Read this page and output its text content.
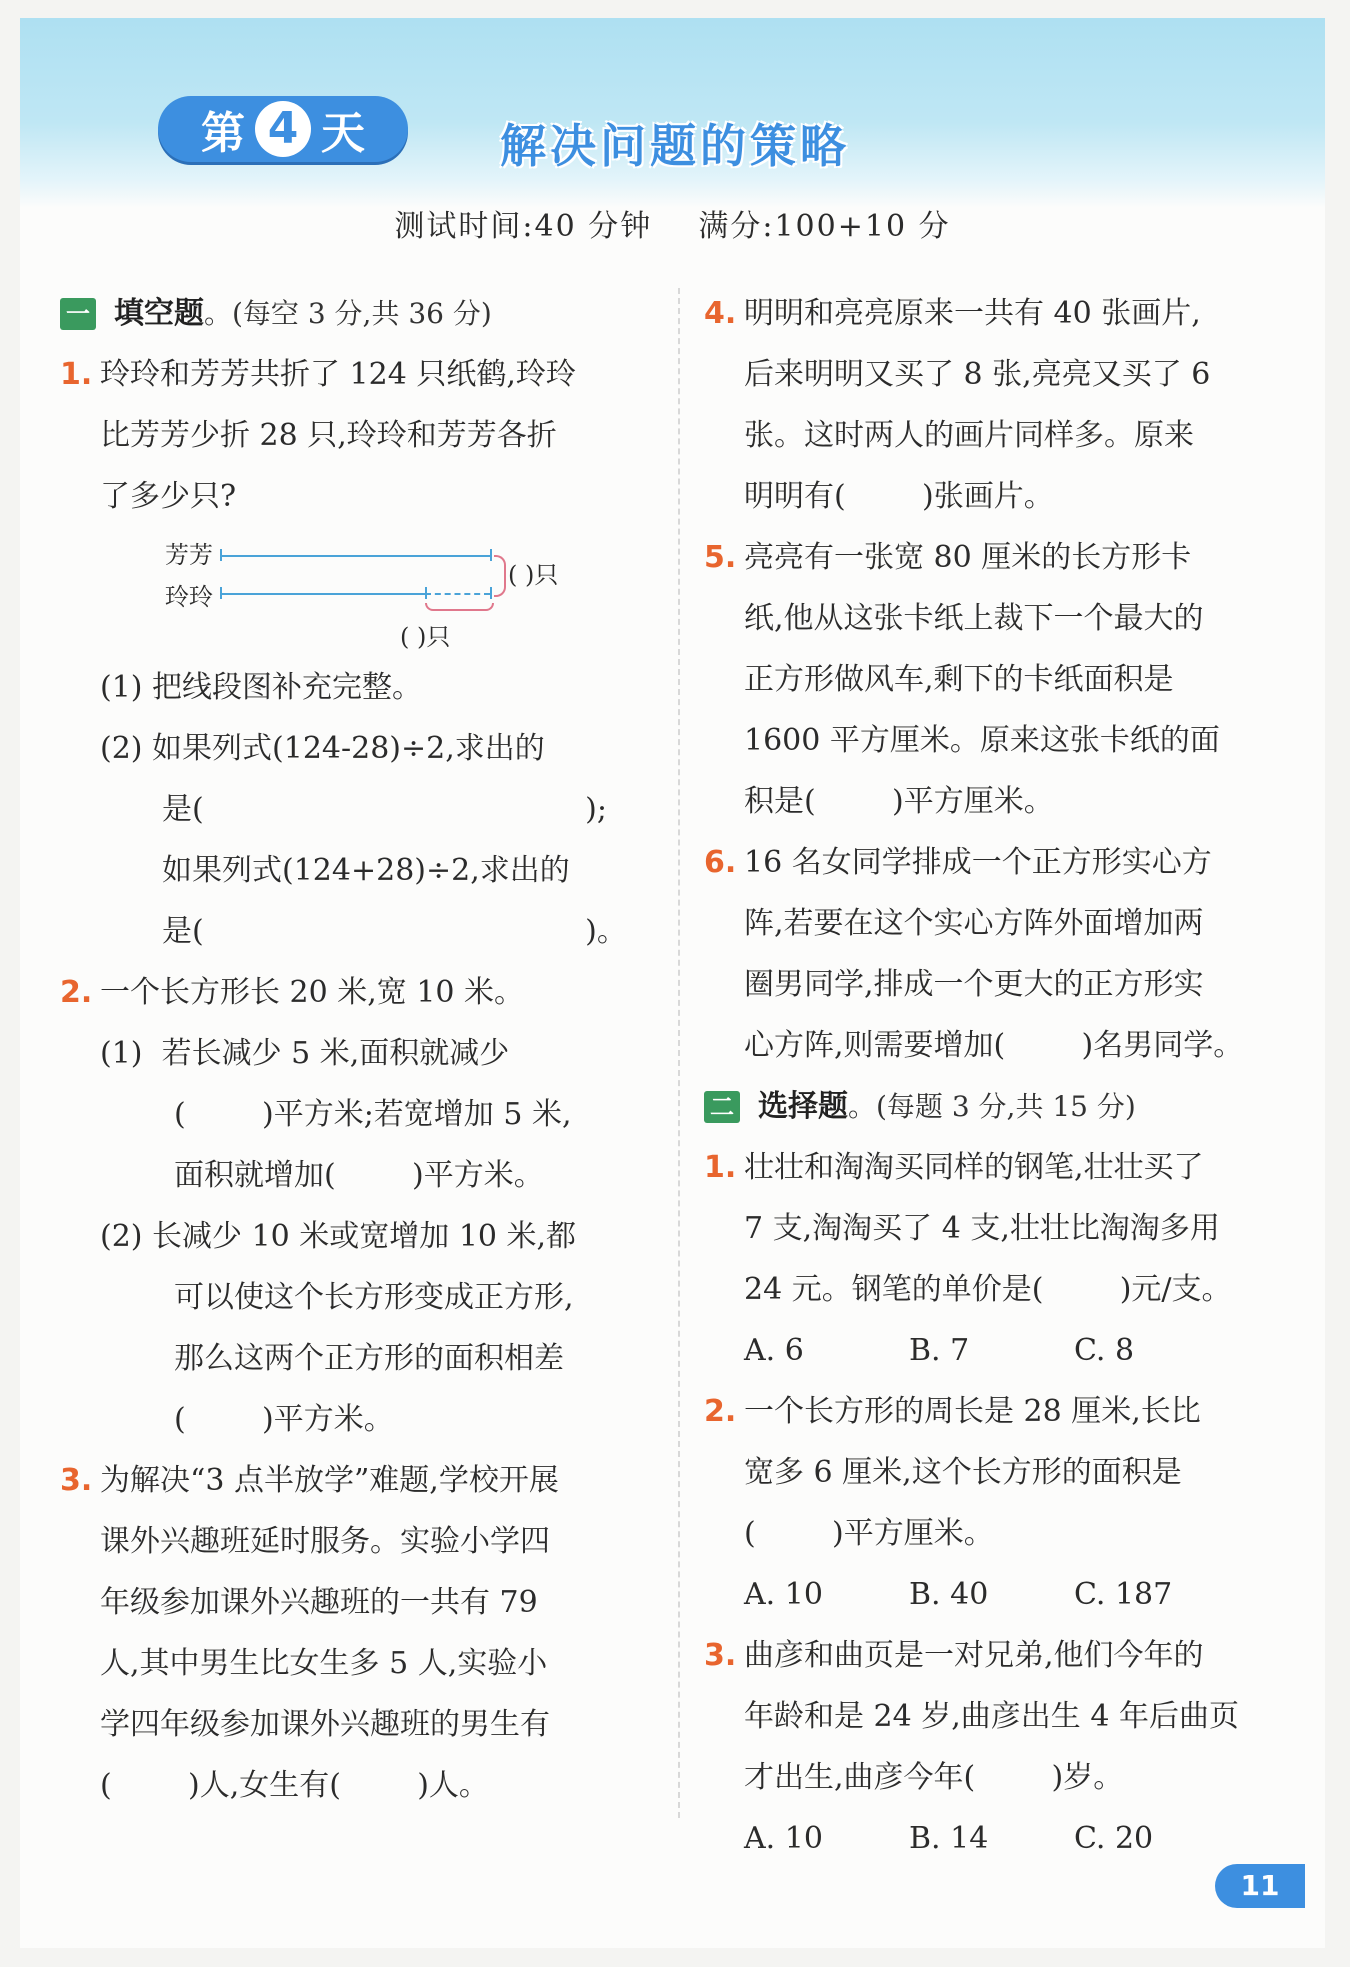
第 4 天	解决问题的策略
测试时间:40 分钟    满分:100+10 分
一 填空题 。(每空 3 分,共 36 分)
1. 玲玲和芳芳共折了 124 只纸鹤,玲玲
比芳芳少折 28 只,玲玲和芳芳各折
了多少只?
芳芳
玲玲
( )只
( )只
(1) 把线段图补充完整。
(2) 如果列式(124-28)÷2,求出的
是(                                        );
如果列式(124+28)÷2,求出的
是(                                        )。
2. 一个长方形长 20 米,宽 10 米。
(1)  若长减少 5 米,面积就减少
(        )平方米;若宽增加 5 米,
面积就增加(        )平方米。
(2) 长减少 10 米或宽增加 10 米,都
可以使这个长方形变成正方形,
那么这两个正方形的面积相差
(        )平方米。
3. 为解决“3 点半放学”难题,学校开展
课外兴趣班延时服务。实验小学四
年级参加课外兴趣班的一共有 79
人,其中男生比女生多 5 人,实验小
学四年级参加课外兴趣班的男生有
(        )人,女生有(        )人。
4. 明明和亮亮原来一共有 40 张画片,
后来明明又买了 8 张,亮亮又买了 6
张。这时两人的画片同样多。原来
明明有(        )张画片。
5. 亮亮有一张宽 80 厘米的长方形卡
纸,他从这张卡纸上裁下一个最大的
正方形做风车,剩下的卡纸面积是
1600 平方厘米。原来这张卡纸的面
积是(        )平方厘米。
6. 16 名女同学排成一个正方形实心方
阵,若要在这个实心方阵外面增加两
圈男同学,排成一个更大的正方形实
心方阵,则需要增加(        )名男同学。
二 选择题 。(每题 3 分,共 15 分)
1. 壮壮和淘淘买同样的钢笔,壮壮买了
7 支,淘淘买了 4 支,壮壮比淘淘多用
24 元。钢笔的单价是(        )元/支。
A. 6	B. 7	C. 8
2. 一个长方形的周长是 28 厘米,长比
宽多 6 厘米,这个长方形的面积是
(        )平方厘米。
A. 10	B. 40	C. 187
3. 曲彦和曲页是一对兄弟,他们今年的
年龄和是 24 岁,曲彦出生 4 年后曲页
才出生,曲彦今年(        )岁。
A. 10	B. 14	C. 20
11
